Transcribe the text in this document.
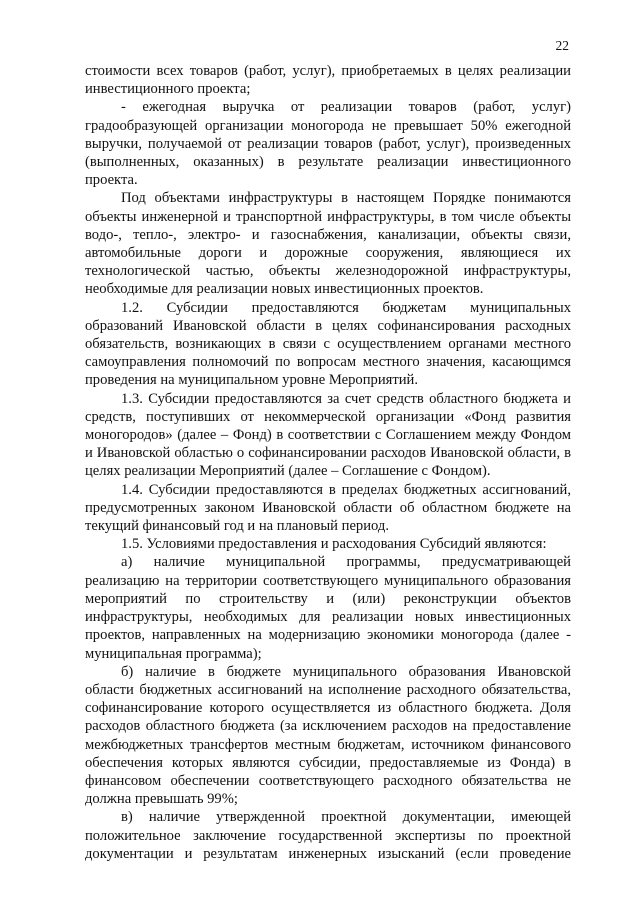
22

стоимости всех товаров (работ, услуг), приобретаемых в целях реализации инвестиционного проекта;

- ежегодная выручка от реализации товаров (работ, услуг) градообразующей организации моногорода не превышает 50% ежегодной выручки, получаемой от реализации товаров (работ, услуг), произведенных (выполненных, оказанных) в результате реализации инвестиционного проекта.

Под объектами инфраструктуры в настоящем Порядке понимаются объекты инженерной и транспортной инфраструктуры, в том числе объекты водо-, тепло-, электро- и газоснабжения, канализации, объекты связи, автомобильные дороги и дорожные сооружения, являющиеся их технологической частью, объекты железнодорожной инфраструктуры, необходимые для реализации новых инвестиционных проектов.

1.2. Субсидии предоставляются бюджетам муниципальных образований Ивановской области в целях софинансирования расходных обязательств, возникающих в связи с осуществлением органами местного самоуправления полномочий по вопросам местного значения, касающимся проведения на муниципальном уровне Мероприятий.

1.3. Субсидии предоставляются за счет средств областного бюджета и средств, поступивших от некоммерческой организации «Фонд развития моногородов» (далее – Фонд) в соответствии с Соглашением между Фондом и Ивановской областью о софинансировании расходов Ивановской области, в целях реализации Мероприятий (далее – Соглашение с Фондом).

1.4. Субсидии предоставляются в пределах бюджетных ассигнований, предусмотренных законом Ивановской области об областном бюджете на текущий финансовый год и на плановый период.

1.5. Условиями предоставления и расходования Субсидий являются:

а) наличие муниципальной программы, предусматривающей реализацию на территории соответствующего муниципального образования мероприятий по строительству и (или) реконструкции объектов инфраструктуры, необходимых для реализации новых инвестиционных проектов, направленных на модернизацию экономики моногорода (далее - муниципальная программа);

б) наличие в бюджете муниципального образования Ивановской области бюджетных ассигнований на исполнение расходного обязательства, софинансирование которого осуществляется из областного бюджета. Доля расходов областного бюджета (за исключением расходов на предоставление межбюджетных трансфертов местным бюджетам, источником финансового обеспечения которых являются субсидии, предоставляемые из Фонда) в финансовом обеспечении соответствующего расходного обязательства не должна превышать 99%;

в) наличие утвержденной проектной документации, имеющей положительное заключение государственной экспертизы по проектной документации и результатам инженерных изысканий (если проведение
